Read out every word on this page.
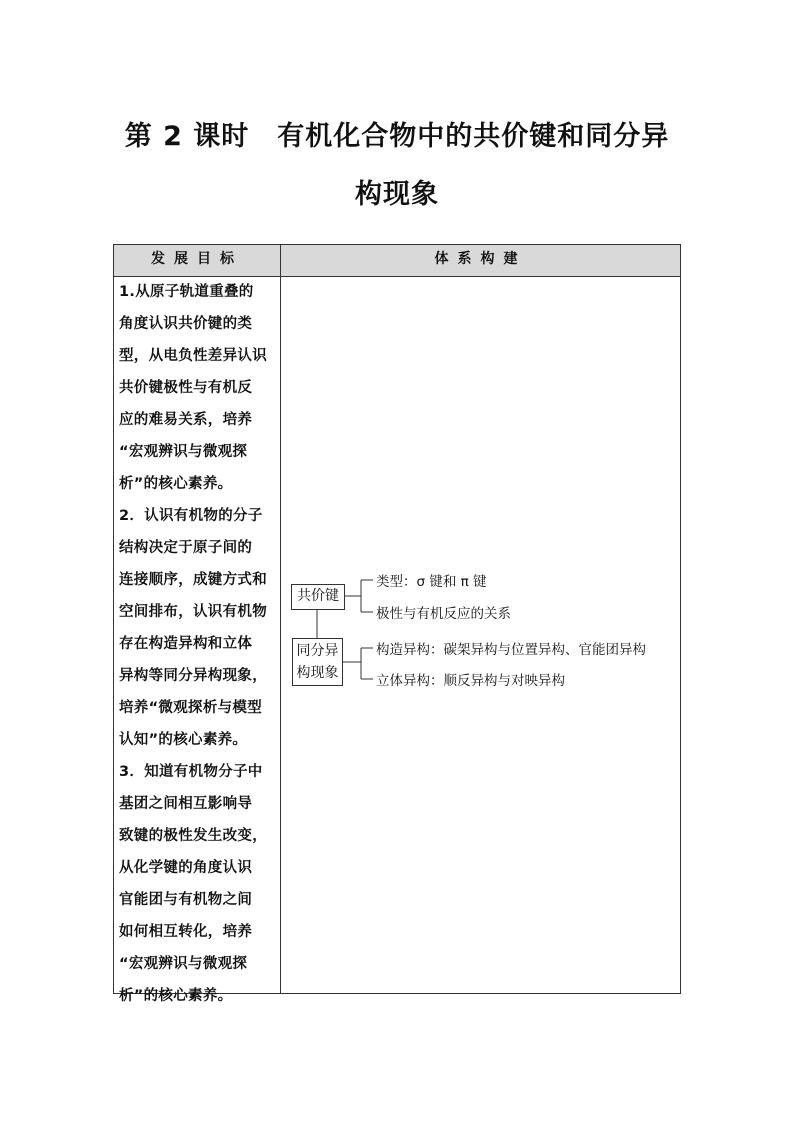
第 2 课时　有机化合物中的共价键和同分异
构现象
发展目标	体系构建
1.从原子轨道重叠的
角度认识共价键的类
型，从电负性差异认识
共价键极性与有机反
应的难易关系，培养
“宏观辨识与微观探
析”的核心素养。
2．认识有机物的分子
结构决定于原子间的
连接顺序，成键方式和
空间排布，认识有机物
存在构造异构和立体
异构等同分异构现象，
培养“微观探析与模型
认知”的核心素养。
3．知道有机物分子中
基团之间相互影响导
致键的极性发生改变，
从化学键的角度认识
官能团与有机物之间
如何相互转化，培养
“宏观辨识与微观探
析”的核心素养。
共价键
同分异
构现象
类型：σ 键和 π 键
极性与有机反应的关系
构造异构：碳架异构与位置异构、官能团异构
立体异构：顺反异构与对映异构
